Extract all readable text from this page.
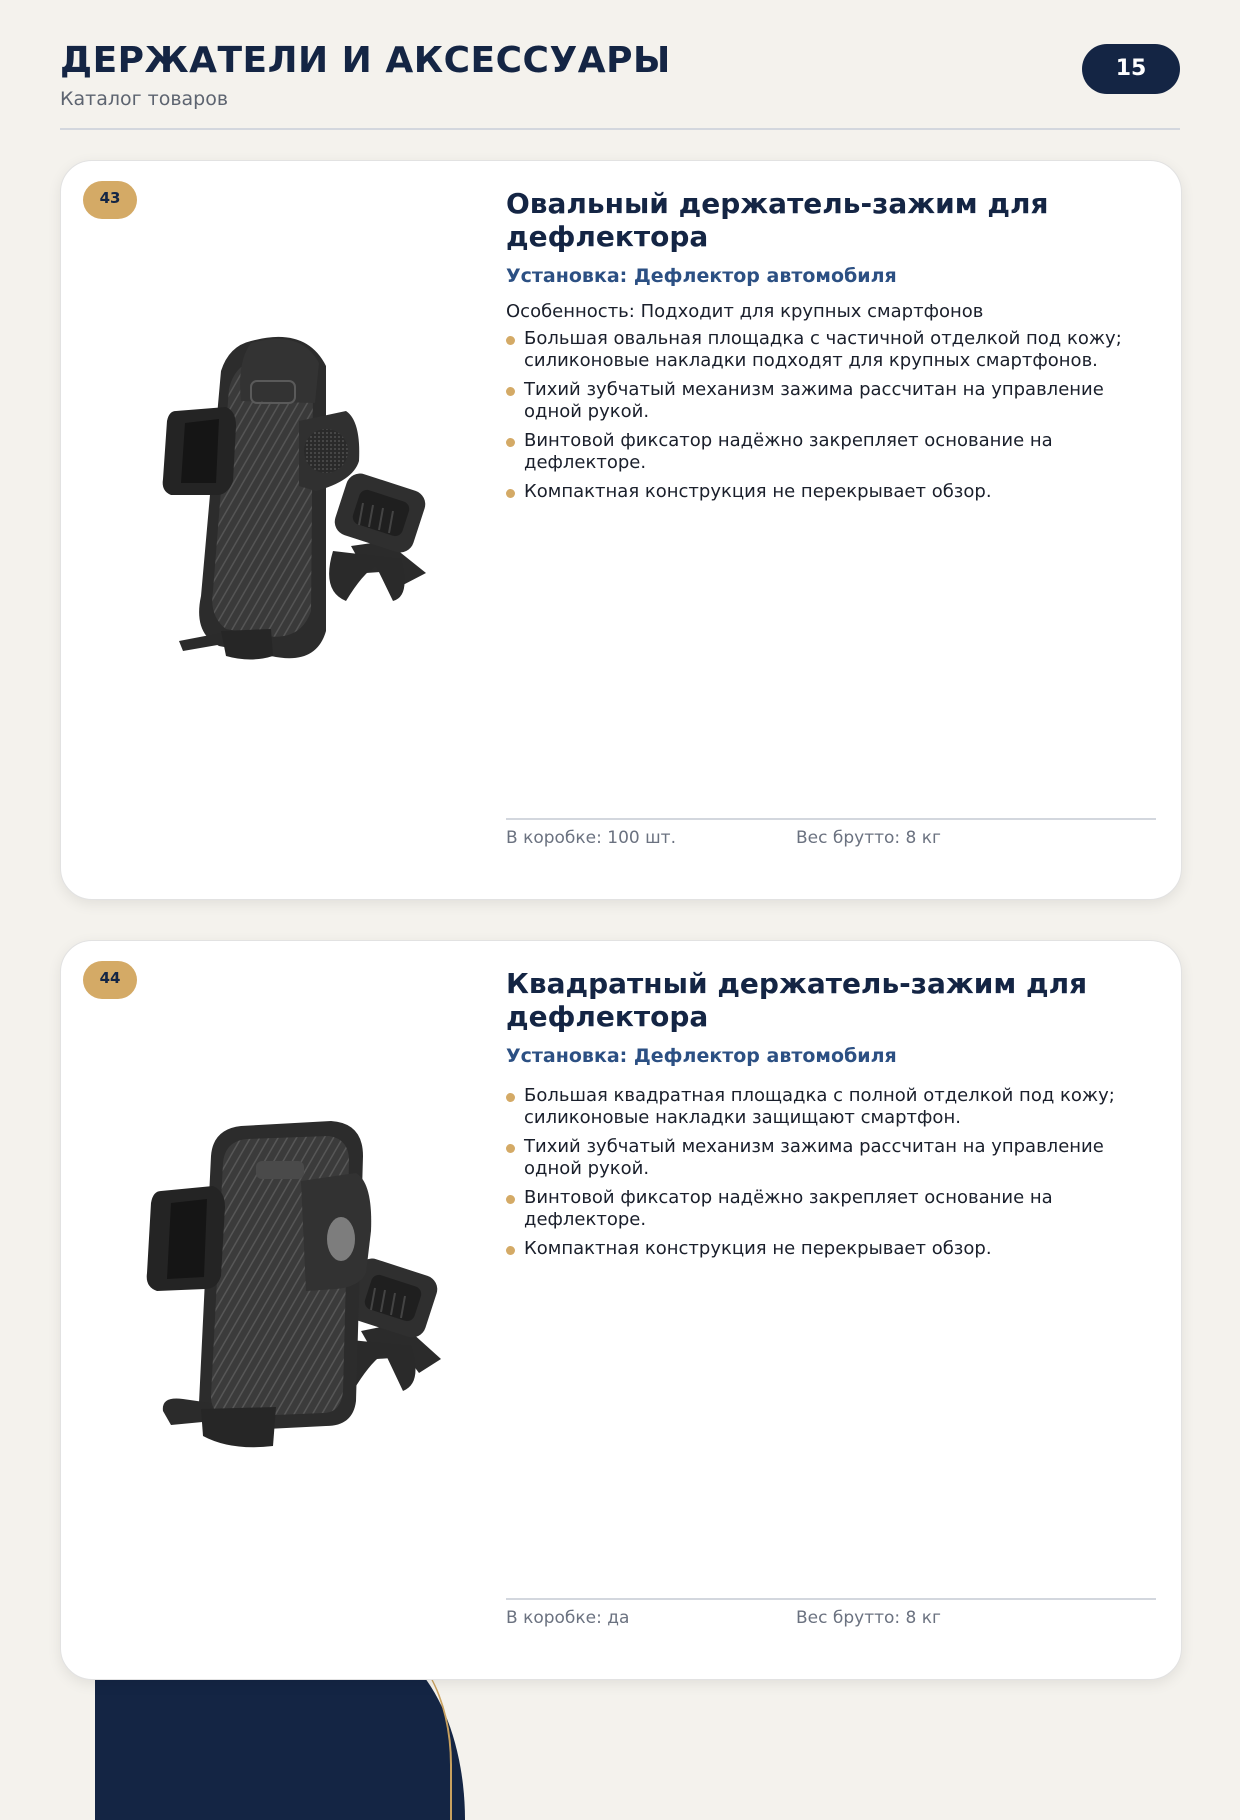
ДЕРЖАТЕЛИ И АКСЕССУАРЫ
Каталог товаров
15
43	Овальный держатель-зажим для дефлектора
Установка: Дефлектор автомобиля
Особенность: Подходит для крупных смартфонов
Большая овальная площадка с частичной отделкой под кожу; силиконовые накладки подходят для крупных смартфонов.
Тихий зубчатый механизм зажима рассчитан на управление одной рукой.
Винтовой фиксатор надёжно закрепляет основание на дефлекторе.
Компактная конструкция не перекрывает обзор.
В коробке: 100 шт.	Вес брутто: 8 кг
44	Квадратный держатель-зажим для дефлектора
Установка: Дефлектор автомобиля
Большая квадратная площадка с полной отделкой под кожу; силиконовые накладки защищают смартфон.
Тихий зубчатый механизм зажима рассчитан на управление одной рукой.
Винтовой фиксатор надёжно закрепляет основание на дефлекторе.
Компактная конструкция не перекрывает обзор.
В коробке: да	Вес брутто: 8 кг
